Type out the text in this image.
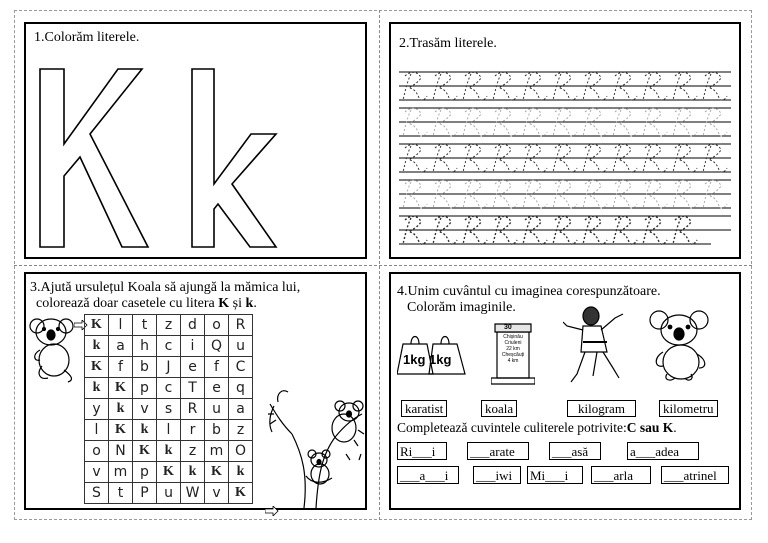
1.Colorăm literele.	2.Trasăm literele.
3.Ajută ursulețul Koala să ajungă la mămica lui,
colorează doar casetele cu litera K și k.
K	l	t	z	d	o	R
k	a	h	c	i	Q	u
K	f	b	J	e	f	C
k	K	p	c	T	e	q
y	k	v	s	R	u	a
l	K	k	l	r	b	z
o	N	K	k	z	m	O
v	m	p	K	k	K	k
S	t	P	u	W	v	K
4.Unim cuvântul cu imaginea corespunzătoare.
Colorăm imaginile.
1kg 1kg
30
Chișinău
Criuleni
22 km
Cheșcăuți
4 km
karatist	koala	kilogram	kilometru
Completează cuvintele culiterele potrivite:C sau K.
Ri___i	___arate	___asă	a___adea
___a___i	___iwi	Mi___i	___arla	___atrinel
